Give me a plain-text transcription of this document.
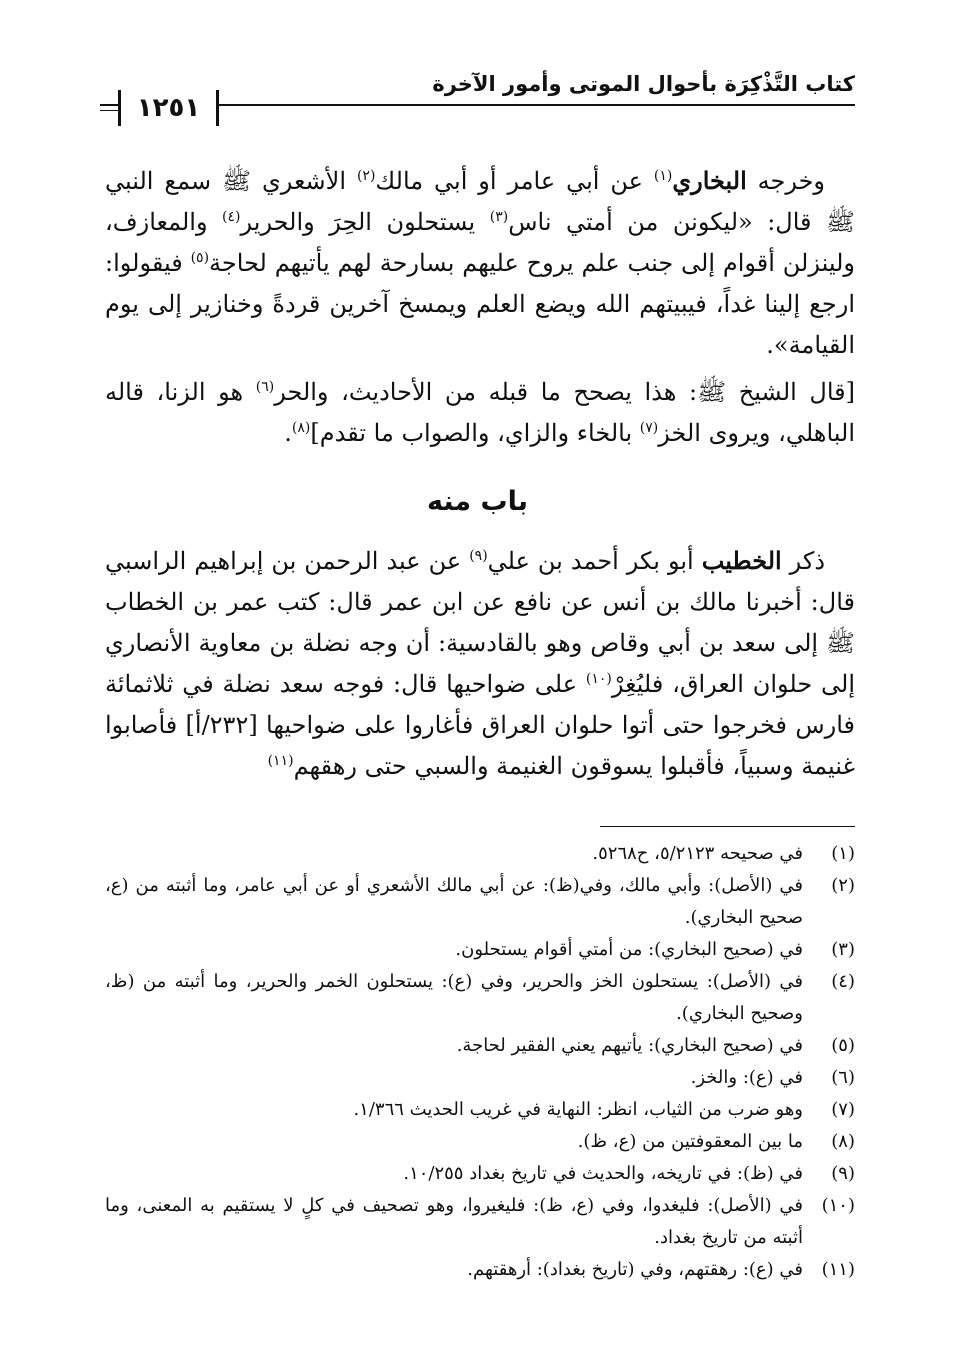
كتاب التَّذْكِرَة بأحوال الموتى وأمور الآخرة
١٢٥١

وخرجه البخاري$^{(١)}$ عن أبي عامر أو أبي مالك$^{(٢)}$ الأشعري ﷺ سمع النبي ﷺ قال: «ليكونن من أمتي ناس$^{(٣)}$ يستحلون الحِرَ والحرير$^{(٤)}$ والمعازف، ولينزلن أقوام إلى جنب علم يروح عليهم بسارحة لهم يأتيهم لحاجة$^{(٥)}$ فيقولوا: ارجع إلينا غداً، فيبيتهم الله ويضع العلم ويمسخ آخرين قردةً وخنازير إلى يوم القيامة».

[قال الشيخ ﷺ: هذا يصحح ما قبله من الأحاديث، والحر$^{(٦)}$ هو الزنا، قاله الباهلي، ويروى الخز$^{(٧)}$ بالخاء والزاي، والصواب ما تقدم]$^{(٨)}$.

باب منه

ذكر الخطيب أبو بكر أحمد بن علي$^{(٩)}$ عن عبد الرحمن بن إبراهيم الراسبي قال: أخبرنا مالك بن أنس عن نافع عن ابن عمر قال: كتب عمر بن الخطاب ﷺ إلى سعد بن أبي وقاص وهو بالقادسية: أن وجه نضلة بن معاوية الأنصاري إلى حلوان العراق، فليُغِرْ$^{(١٠)}$ على ضواحيها قال: فوجه سعد نضلة في ثلاثمائة فارس فخرجوا حتى أتوا حلوان العراق فأغاروا على ضواحيها [٢٣٢/أ] فأصابوا غنيمة وسبياً، فأقبلوا يسوقون الغنيمة والسبي حتى رهقهم$^{(١١)}$

(١)
في صحيحه ٥/٢١٢٣، ح٥٢٦٨.
(٢)
في (الأصل): وأبي مالك، وفي(ظ): عن أبي مالك الأشعري أو عن أبي عامر، وما أثبته من (ع، صحيح البخاري).
(٣)
في (صحيح البخاري): من أمتي أقوام يستحلون.
(٤)
في (الأصل): يستحلون الخز والحرير، وفي (ع): يستحلون الخمر والحرير، وما أثبته من (ظ، وصحيح البخاري).
(٥)
في (صحيح البخاري): يأتيهم يعني الفقير لحاجة.
(٦)
في (ع): والخز.
(٧)
وهو ضرب من الثياب، انظر: النهاية في غريب الحديث ١/٣٦٦.
(٨)
ما بين المعقوفتين من (ع، ظ).
(٩)
في (ظ): في تاريخه، والحديث في تاريخ بغداد ١٠/٢٥٥.
(١٠)
في (الأصل): فليغدوا، وفي (ع، ظ): فليغيروا، وهو تصحيف في كلٍ لا يستقيم به المعنى، وما أثبته من تاريخ بغداد.
(١١)
في (ع): رهقتهم، وفي (تاريخ بغداد): أرهقتهم.
